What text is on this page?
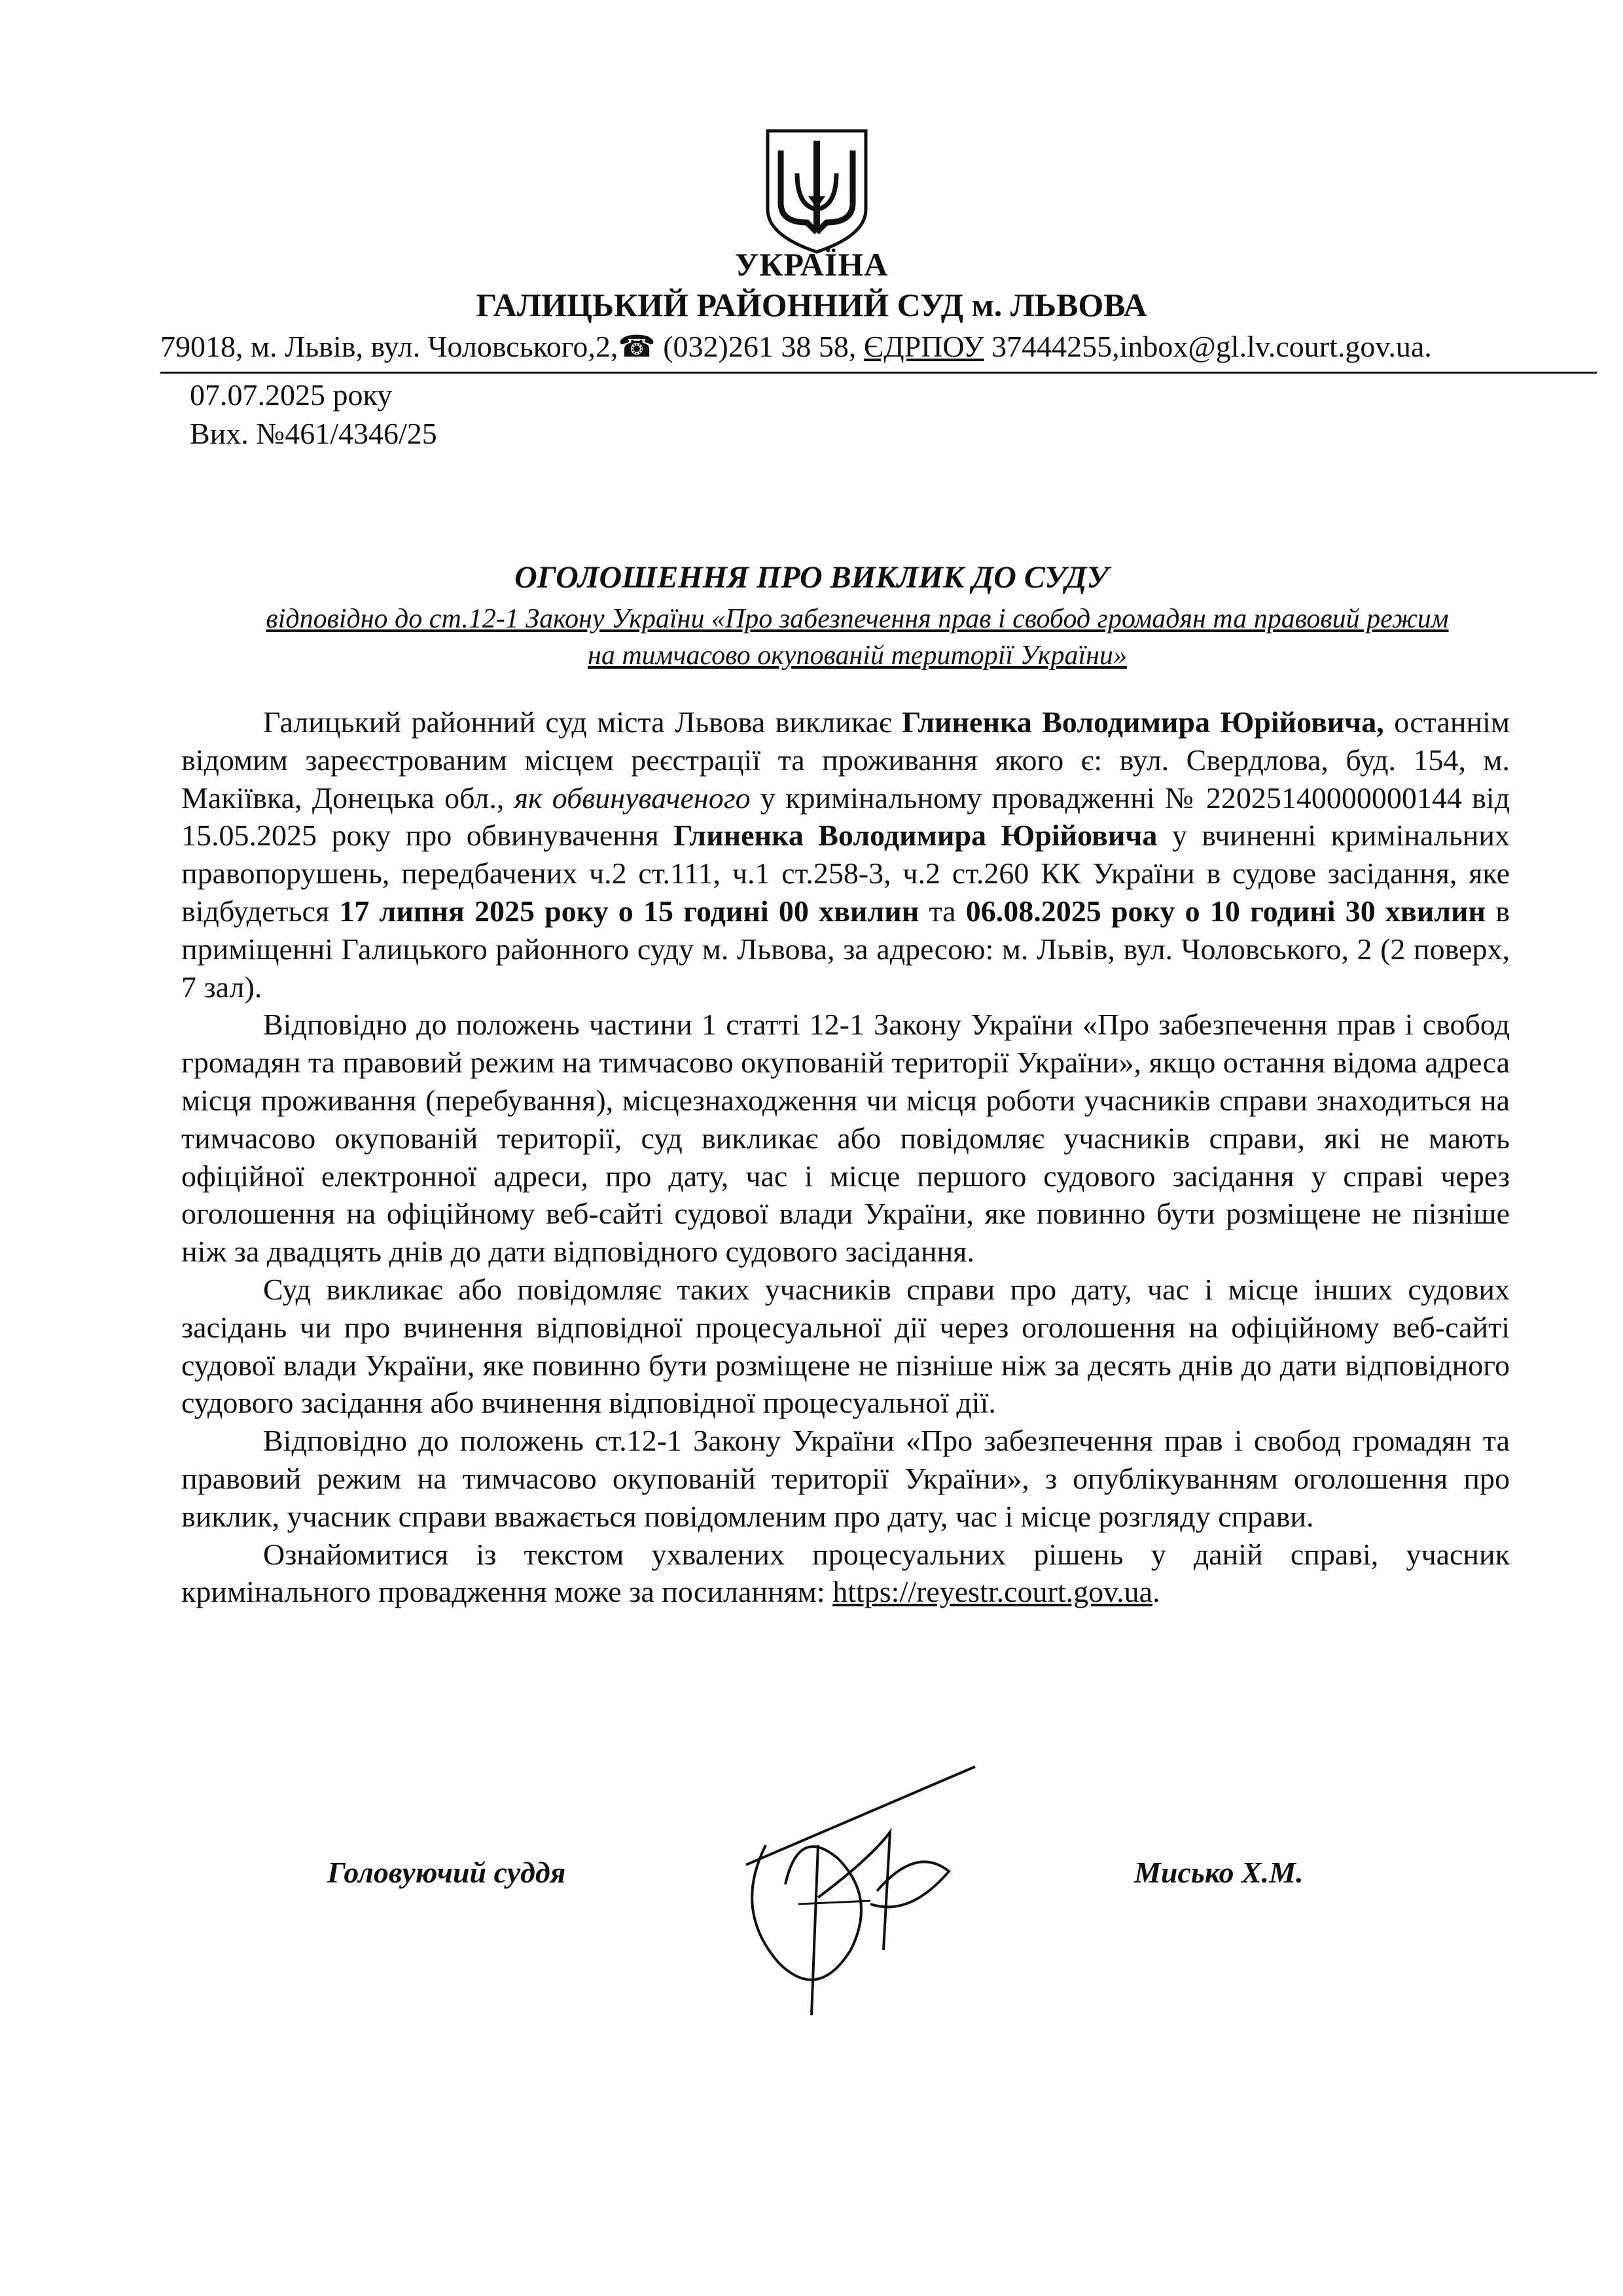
УКРАЇНА
ГАЛИЦЬКИЙ РАЙОННИЙ СУД м. ЛЬВОВА
79018, м. Львів, вул. Чоловського,2,☎ (032)261 38 58, ЄДРПОУ 37444255,inbox@gl.lv.court.gov.ua.
07.07.2025 року
Вих. №461/4346/25
ОГОЛОШЕННЯ ПРО ВИКЛИК ДО СУДУ
відповідно до ст.12-1 Закону України «Про забезпечення прав і свобод громадян та правовий режим
на тимчасово окупованій території України»

Галицький районний суд міста Львова викликає Глиненка Володимира Юрійовича, останнім відомим зареєстрованим місцем реєстрації та проживання якого є: вул. Свердлова, буд. 154, м. Макіївка, Донецька обл., як обвинуваченого у кримінальному провадженні № 22025140000000144 від 15.05.2025 року про обвинувачення Глиненка Володимира Юрійовича у вчиненні кримінальних правопорушень, передбачених ч.2 ст.111, ч.1 ст.258-3, ч.2 ст.260 КК України в судове засідання, яке відбудеться 17 липня 2025 року о 15 годині 00 хвилин та 06.08.2025 року о 10 годині 30 хвилин в приміщенні Галицького районного суду м. Львова, за адресою: м. Львів, вул. Чоловського, 2 (2 поверх, 7 зал).

Відповідно до положень частини 1 статті 12-1 Закону України «Про забезпечення прав і свобод громадян та правовий режим на тимчасово окупованій території України», якщо остання відома адреса місця проживання (перебування), місцезнаходження чи місця роботи учасників справи знаходиться на тимчасово окупованій території, суд викликає або повідомляє учасників справи, які не мають офіційної електронної адреси, про дату, час і місце першого судового засідання у справі через оголошення на офіційному веб-сайті судової влади України, яке повинно бути розміщене не пізніше ніж за двадцять днів до дати відповідного судового засідання.

Суд викликає або повідомляє таких учасників справи про дату, час і місце інших судових засідань чи про вчинення відповідної процесуальної дії через оголошення на офіційному веб-сайті судової влади України, яке повинно бути розміщене не пізніше ніж за десять днів до дати відповідного судового засідання або вчинення відповідної процесуальної дії.

Відповідно до положень ст.12-1 Закону України «Про забезпечення прав і свобод громадян та правовий режим на тимчасово окупованій території України», з опублікуванням оголошення про виклик, учасник справи вважається повідомленим про дату, час і місце розгляду справи.

Ознайомитися із текстом ухвалених процесуальних рішень у даній справі, учасник кримінального провадження може за посиланням: https://reyestr.court.gov.ua.

Головуючий суддя	Мисько Х.М.
